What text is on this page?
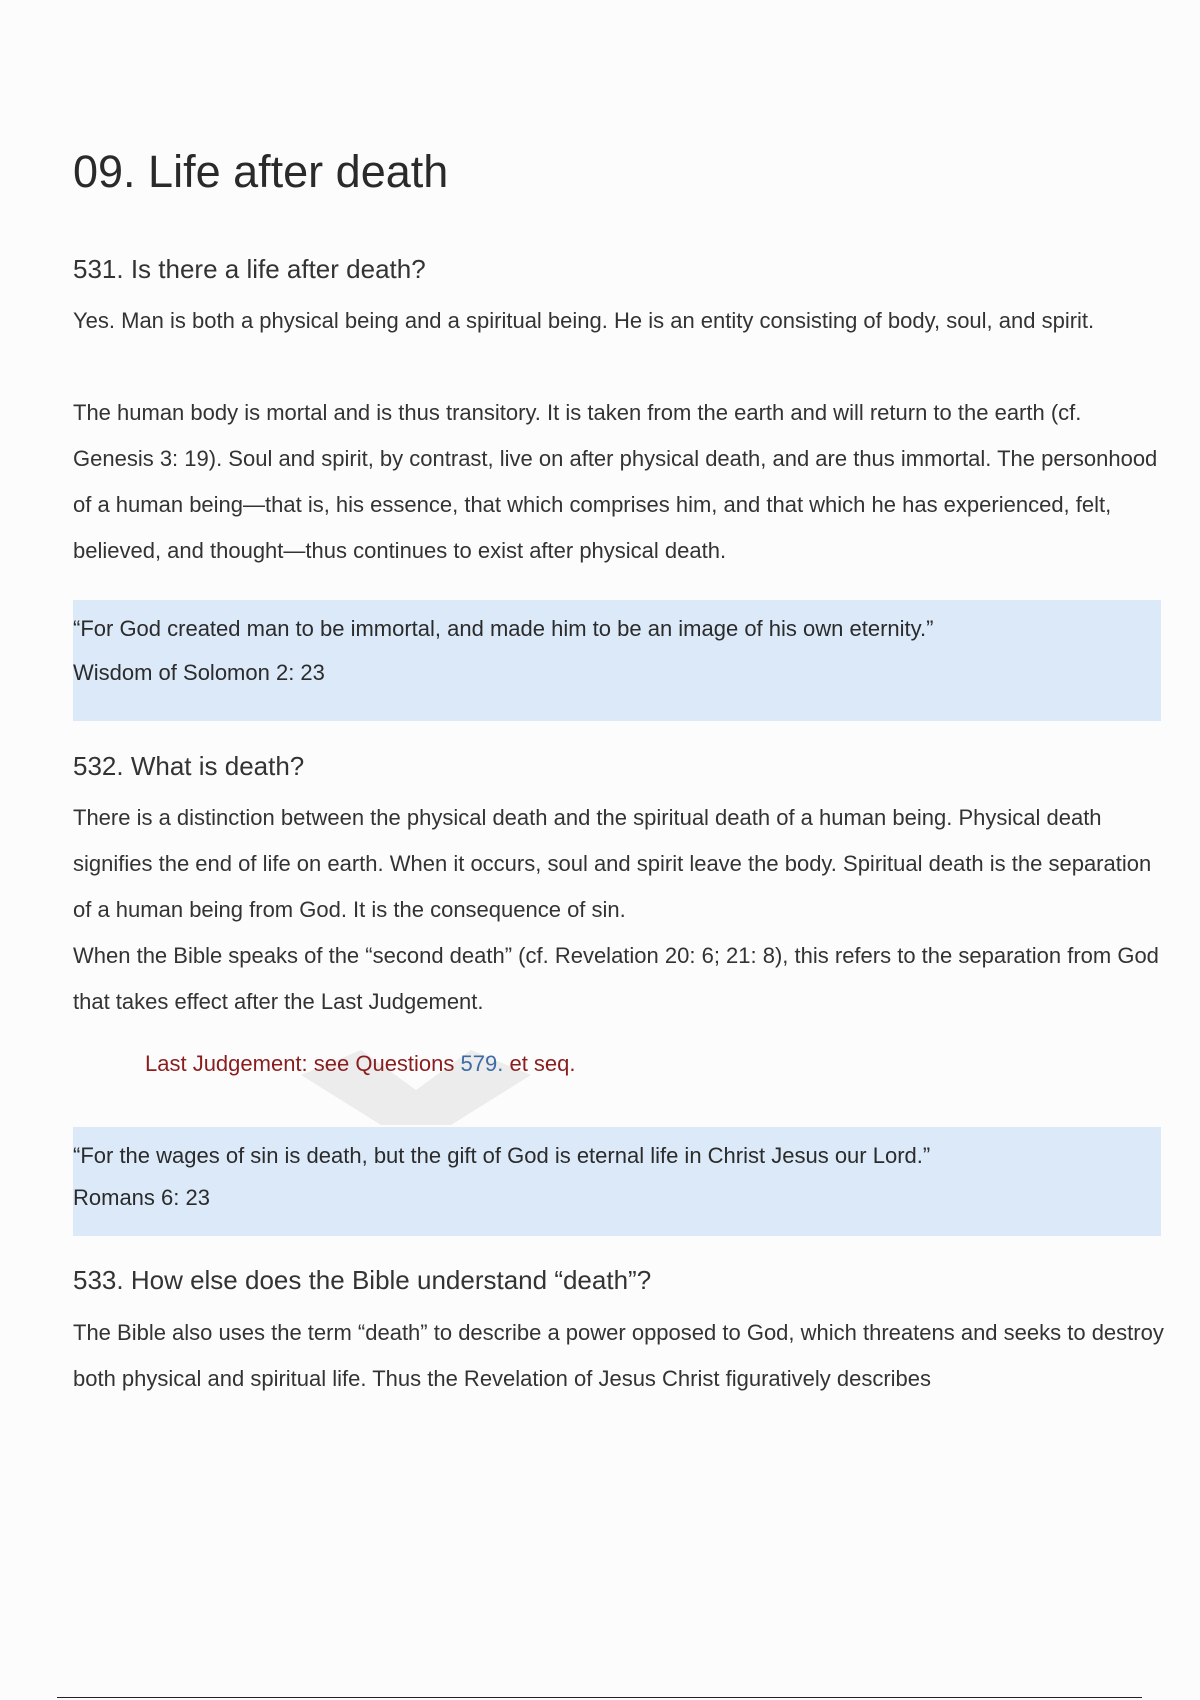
09. Life after death
531. Is there a life after death?

Yes. Man is both a physical being and a spiritual being. He is an entity consisting of body, soul, and spirit.

The human body is mortal and is thus transitory. It is taken from the earth and will return to the earth (cf. Genesis 3: 19). Soul and spirit, by contrast, live on after physical death, and are thus immortal. The personhood of a human being—that is, his essence, that which comprises him, and that which he has experienced, felt, believed, and thought—thus continues to exist after physical death.

“For God created man to be immortal, and made him to be an image of his own eternity.”

Wisdom of Solomon 2: 23

532. What is death?

There is a distinction between the physical death and the spiritual death of a human being. Physical death signifies the end of life on earth. When it occurs, soul and spirit leave the body. Spiritual death is the separation of a human being from God. It is the consequence of sin.

When the Bible speaks of the “second death” (cf. Revelation 20: 6; 21: 8), this refers to the separation from God that takes effect after the Last Judgement.

Last Judgement: see Questions 579. et seq.

“For the wages of sin is death, but the gift of God is eternal life in Christ Jesus our Lord.”

Romans 6: 23

533. How else does the Bible understand “death”?

The Bible also uses the term “death” to describe a power opposed to God, which threatens and seeks to destroy both physical and spiritual life. Thus the Revelation of Jesus Christ figuratively describes
